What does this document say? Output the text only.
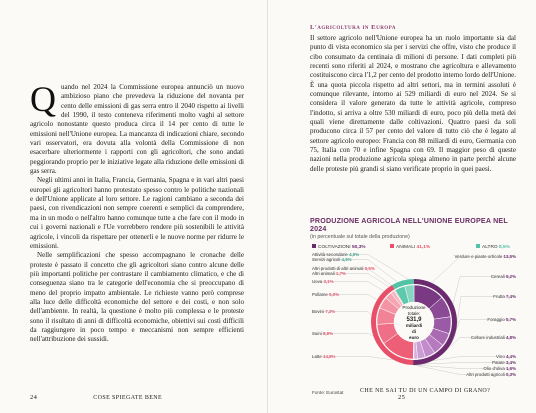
Quando nel 2024 la Commissione europea annunciò un nuovo ambizioso piano che prevedeva la riduzione del novanta per cento delle emissioni di gas serra entro il 2040 rispetto ai livelli del 1990, il testo conteneva riferimenti molto vaghi al settore agricolo nonostante questo produca circa il 14 per cento di tutte le emissioni nell'Unione europea. La mancanza di indicazioni chiare, secondo vari osservatori, era dovuta alla volontà della Commissione di non esacerbare ulteriormente i rapporti con gli agricoltori, che sono andati peggiorando proprio per le iniziative legate alla riduzione delle emissioni di gas serra.

Negli ultimi anni in Italia, Francia, Germania, Spagna e in vari altri paesi europei gli agricoltori hanno protestato spesso contro le politiche nazionali e dell'Unione applicate al loro settore. Le ragioni cambiano a seconda dei paesi, con rivendicazioni non sempre coerenti e semplici da comprendere, ma in un modo o nell'altro hanno comunque tutte a che fare con il modo in cui i governi nazionali e l'Ue vorrebbero rendere più sostenibili le attività agricole, i vincoli da rispettare per ottenerli e le nuove norme per ridurre le emissioni.

Nelle semplificazioni che spesso accompagnano le cronache delle proteste è passato il concetto che gli agricoltori siano contro alcune delle più importanti politiche per contrastare il cambiamento climatico, e che di conseguenza siano tra le categorie dell'economia che si preoccupano di meno del proprio impatto ambientale. Le richieste vanno però comprese alla luce delle difficoltà economiche del settore e dei costi, e non solo dell'ambiente. In realtà, la questione è molto più complessa e le proteste sono il risultato di anni di difficoltà economiche, obiettivi sui costi difficili da raggiungere in poco tempo e meccanismi non sempre efficienti nell'attribuzione dei sussidi.

24	COSE SPIEGATE BENE
L'agricoltura in Europa
Il settore agricolo nell'Unione europea ha un ruolo importante sia dal punto di vista economico sia per i servizi che offre, visto che produce il cibo consumato da centinaia di milioni di persone. I dati completi più recenti sono riferiti al 2024, e mostrano che agricoltura e allevamento costituiscono circa l'1,2 per cento del prodotto interno lordo dell'Unione. È una quota piccola rispetto ad altri settori, ma in termini assoluti è comunque rilevante, intorno ai 529 miliardi di euro nel 2024. Se si considera il valore generato da tutte le attività agricole, compreso l'indotto, si arriva a oltre 530 miliardi di euro, poco più della metà dei quali viene direttamente dalle coltivazioni. Quattro paesi da soli producono circa il 57 per cento del valore di tutto ciò che è legato al settore agricolo europeo: Francia con 88 miliardi di euro, Germania con 75, Italia con 70 e infine Spagna con 69. Il maggior peso di queste nazioni nella produzione agricola spiega almeno in parte perché alcune delle proteste più grandi si siano verificate proprio in quei paesi.
PRODUZIONE AGRICOLA NELL'UNIONE EUROPEA NEL 2024
(in percentuale sul totale della produzione)
Produzione
totale:
531,9
miliardi
di
euro
COLTIVAZIONI 50,3%	ANIMALI 41,1%	ALTRO 8,5%
Verdure e piante ortícole 13,5%
Cereali 9,2%
Frutta 7,4%
Foraggio 5,7%
Colture industriali 4,8%
Vino 4,4%
Patate 3,4%
Olio d'oliva 1,6%
Altri prodotti agricoli 0,3%
Attività secondarie 4,0%
Servizi agricoli 4,5%
Altri prodotti di altri animali 0,5%
Altri animali 1,7%
Uova 3,1%
Pollame 5,0%
Bovini 7,2%
Suini 8,8%
Latte 14,8%
Fonte: Eurostat	CHE NE SAI TU DI UN CAMPO DI GRANO? 25
